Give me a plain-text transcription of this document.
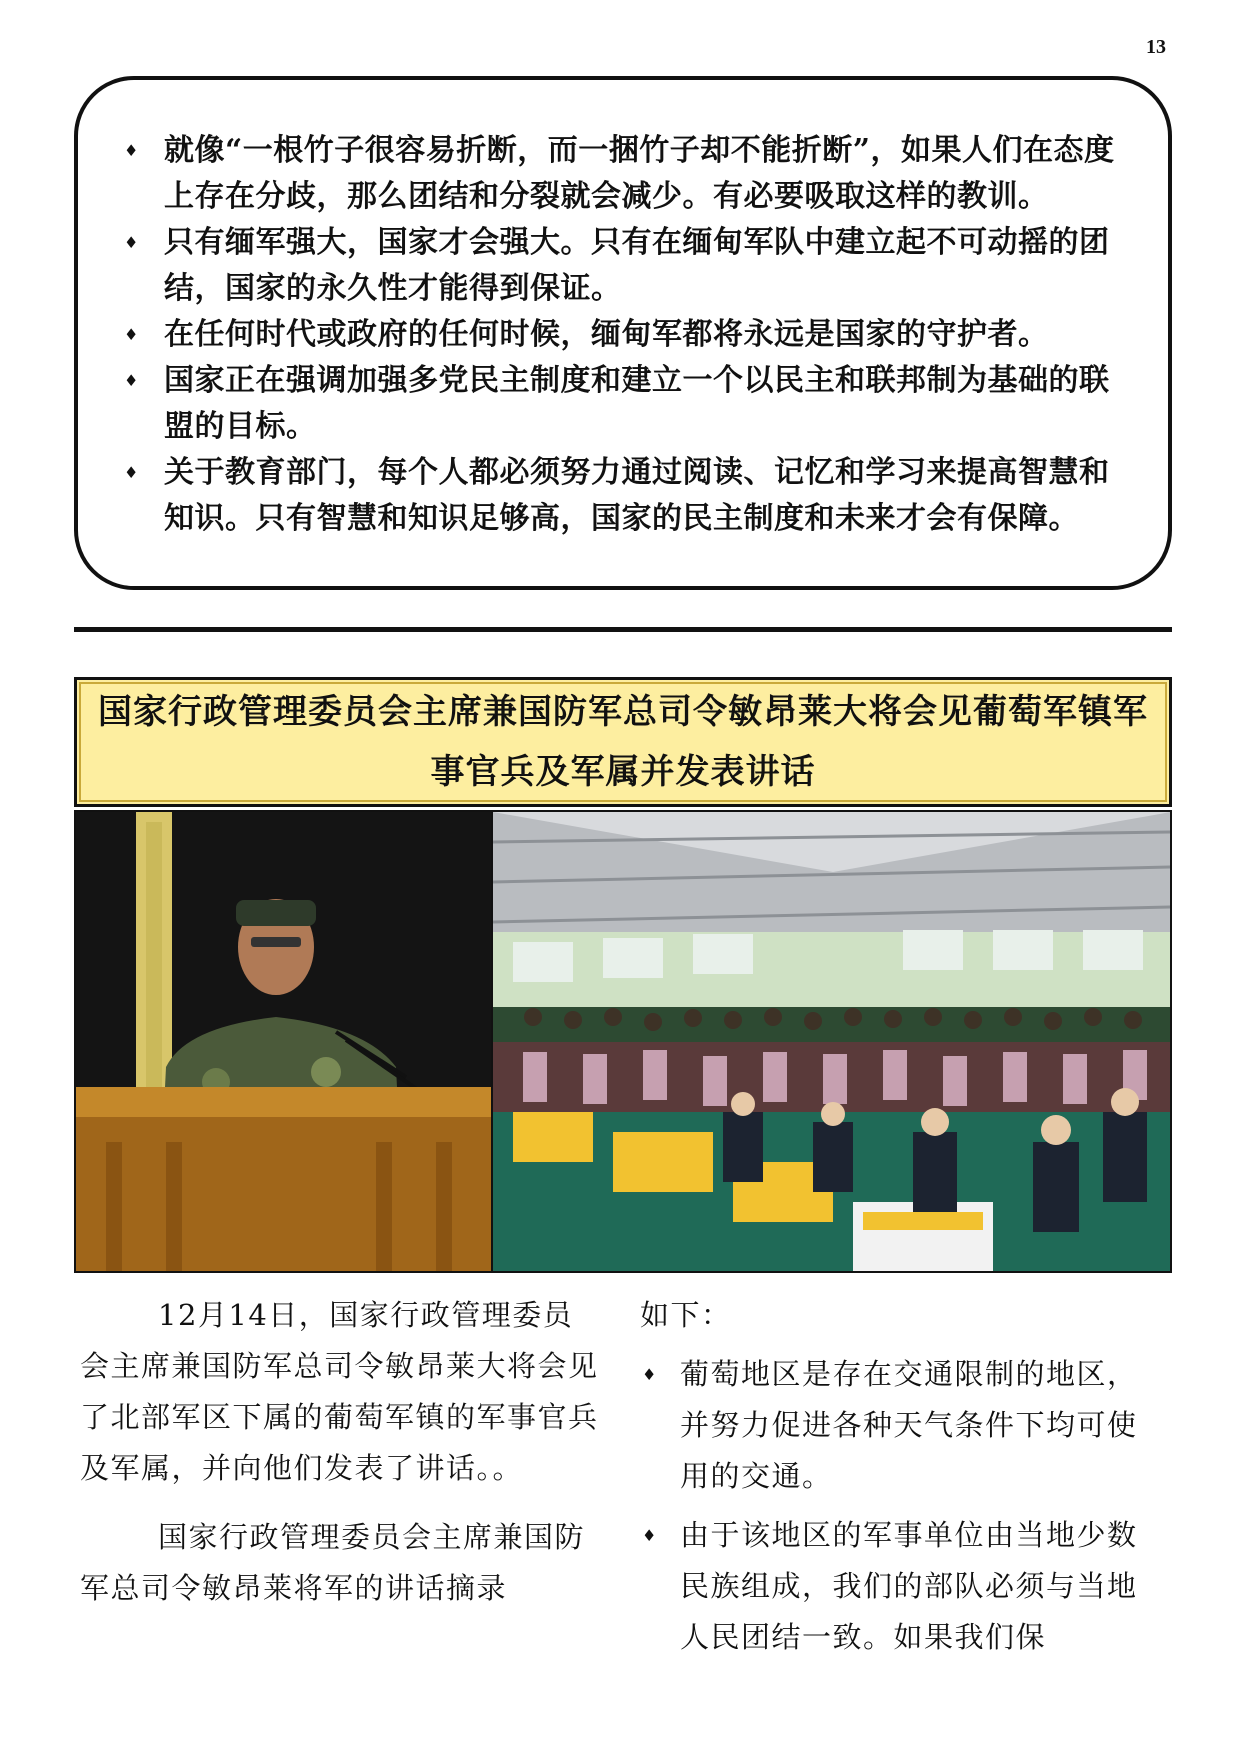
13
♦ 就像“一根竹子很容易折断，而一捆竹子却不能折断”，如果人们在态度上存在分歧，那么团结和分裂就会减少。有必要吸取这样的教训。
♦ 只有缅军强大，国家才会强大。只有在缅甸军队中建立起不可动摇的团结，国家的永久性才能得到保证。
♦ 在任何时代或政府的任何时候，缅甸军都将永远是国家的守护者。
♦ 国家正在强调加强多党民主制度和建立一个以民主和联邦制为基础的联盟的目标。
♦ 关于教育部门，每个人都必须努力通过阅读、记忆和学习来提高智慧和知识。只有智慧和知识足够高，国家的民主制度和未来才会有保障。
国家行政管理委员会主席兼国防军总司令敏昂莱大将会见葡萄军镇军事官兵及军属并发表讲话

12月14日，国家行政管理委员会主席兼国防军总司令敏昂莱大将会见了北部军区下属的葡萄军镇的军事官兵及军属，并向他们发表了讲话。。

国家行政管理委员会主席兼国防军总司令敏昂莱将军的讲话摘录

如下：

♦ 葡萄地区是存在交通限制的地区，并努力促进各种天气条件下均可使用的交通。
♦ 由于该地区的军事单位由当地少数民族组成，我们的部队必须与当地人民团结一致。如果我们保
